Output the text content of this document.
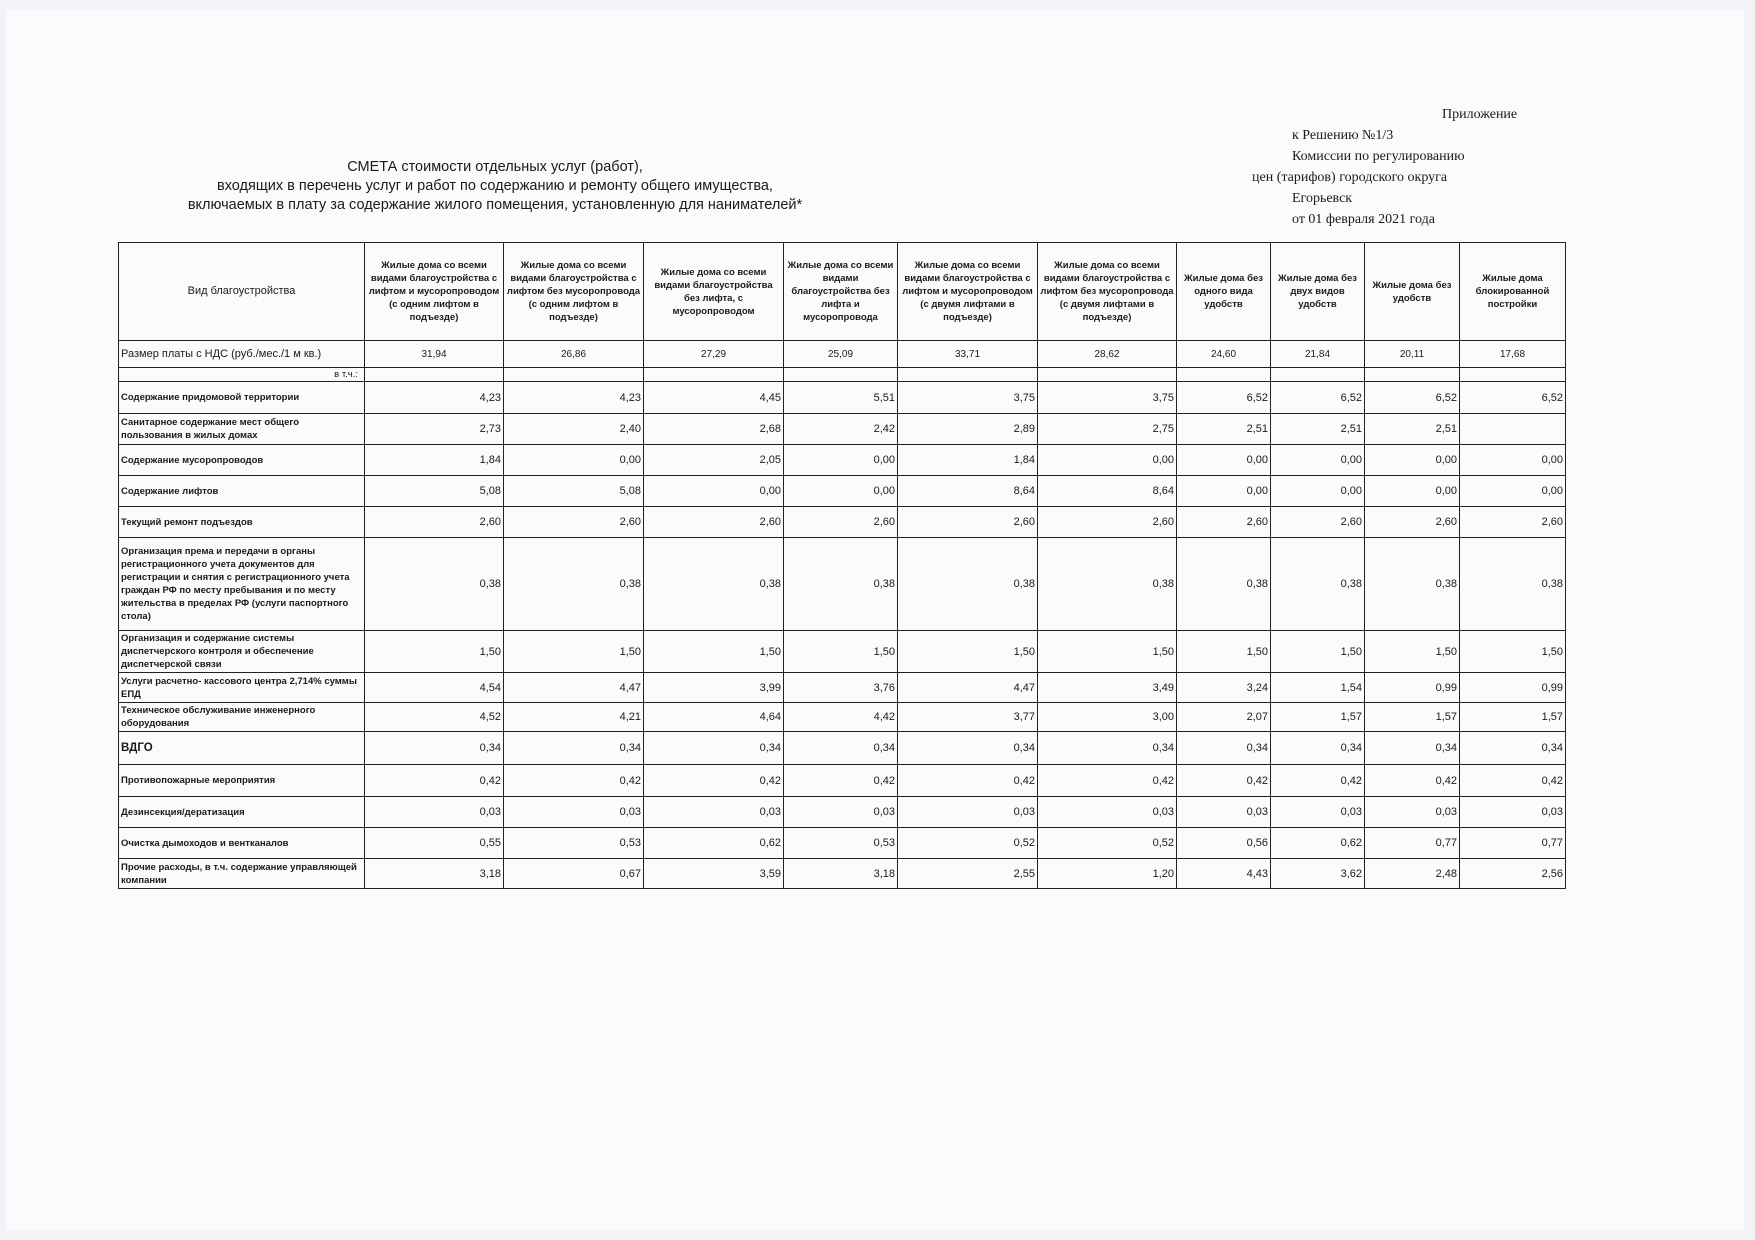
Приложение
к Решению №1/3
Комиссии по регулированию
цен (тарифов) городского округа
Егорьевск
от 01 февраля 2021 года
СМЕТА стоимости отдельных услуг (работ),
входящих в перечень услуг и работ по содержанию и ремонту общего имущества,
включаемых в плату за содержание жилого помещения, установленную для нанимателей*
Вид благоустройства	Жилые дома со всеми видами благоустройства с лифтом и мусоропроводом (с одним лифтом в подъезде)	Жилые дома со всеми видами благоустройства с лифтом без мусоропровода (с одним лифтом в подъезде)	Жилые дома со всеми видами благоустройства без лифта, с мусоропроводом	Жилые дома со всеми видами благоустройства без лифта и мусоропровода	Жилые дома со всеми видами благоустройства с лифтом и мусоропроводом (с двумя лифтами в подъезде)	Жилые дома со всеми видами благоустройства с лифтом без мусоропровода (с двумя лифтами в подъезде)	Жилые дома без одного вида удобств	Жилые дома без двух видов удобств	Жилые дома без удобств	Жилые дома блокированной постройки
Размер платы с НДС (руб./мес./1 м кв.)	31,94	26,86	27,29	25,09	33,71	28,62	24,60	21,84	20,11	17,68
в т.ч.:										
Содержание придомовой территории	4,23	4,23	4,45	5,51	3,75	3,75	6,52	6,52	6,52	6,52
Санитарное содержание мест общего пользования в жилых домах	2,73	2,40	2,68	2,42	2,89	2,75	2,51	2,51	2,51	
Содержание мусоропроводов	1,84	0,00	2,05	0,00	1,84	0,00	0,00	0,00	0,00	0,00
Содержание лифтов	5,08	5,08	0,00	0,00	8,64	8,64	0,00	0,00	0,00	0,00
Текущий ремонт подъездов	2,60	2,60	2,60	2,60	2,60	2,60	2,60	2,60	2,60	2,60
Организация према и передачи в органы регистрационного учета документов для регистрации и снятия с регистрационного учета граждан РФ по месту пребывания и по месту жительства в пределах РФ (услуги паспортного стола)	0,38	0,38	0,38	0,38	0,38	0,38	0,38	0,38	0,38	0,38
Организация и содержание системы диспетчерского контроля и обеспечение диспетчерской связи	1,50	1,50	1,50	1,50	1,50	1,50	1,50	1,50	1,50	1,50
Услуги расчетно- кассового центра 2,714% суммы ЕПД	4,54	4,47	3,99	3,76	4,47	3,49	3,24	1,54	0,99	0,99
Техническое обслуживание инженерного оборудования	4,52	4,21	4,64	4,42	3,77	3,00	2,07	1,57	1,57	1,57
ВДГО	0,34	0,34	0,34	0,34	0,34	0,34	0,34	0,34	0,34	0,34
Противопожарные мероприятия	0,42	0,42	0,42	0,42	0,42	0,42	0,42	0,42	0,42	0,42
Дезинсекция/дератизация	0,03	0,03	0,03	0,03	0,03	0,03	0,03	0,03	0,03	0,03
Очистка дымоходов и вентканалов	0,55	0,53	0,62	0,53	0,52	0,52	0,56	0,62	0,77	0,77
Прочие расходы, в т.ч. содержание управляющей компании	3,18	0,67	3,59	3,18	2,55	1,20	4,43	3,62	2,48	2,56
